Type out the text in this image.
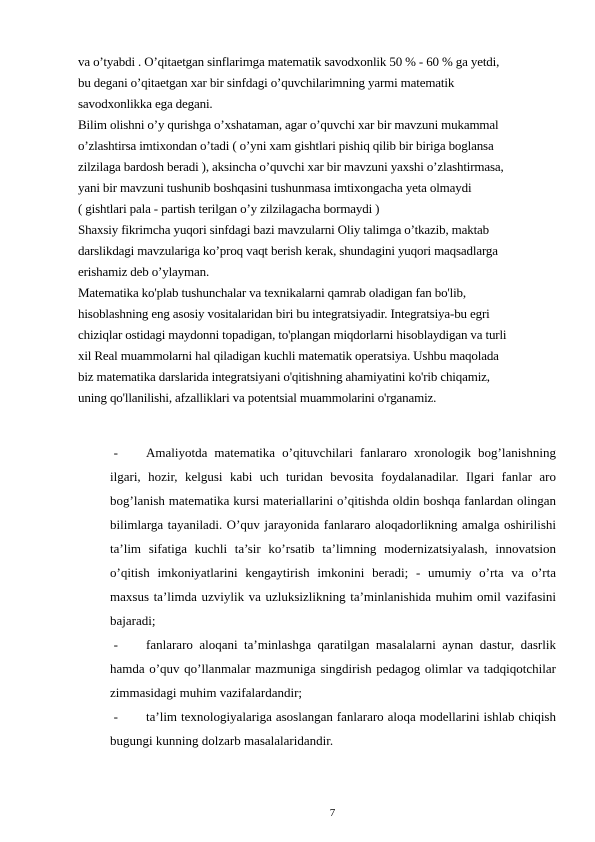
va o’tyabdi . O’qitaetgan sinflarimga matematik savodxonlik 50 % - 60 % ga yetdi,
bu degani o’qitaetgan xar bir sinfdagi o’quvchilarimning yarmi matematik
savodxonlikka ega degani.
Bilim olishni o’y qurishga o’xshataman, agar o’quvchi xar bir mavzuni mukammal
o’zlashtirsa imtixondan o’tadi ( o’yni xam gishtlari pishiq qilib bir biriga boglansa
zilzilaga bardosh beradi ), aksincha o’quvchi xar bir mavzuni yaxshi o’zlashtirmasa,
yani bir mavzuni tushunib boshqasini tushunmasa imtixongacha yeta olmaydi
( gishtlari pala - partish terilgan o’y zilzilagacha bormaydi )
Shaxsiy fikrimcha yuqori sinfdagi bazi mavzularni Oliy talimga o’tkazib, maktab
darslikdagi mavzulariga ko’proq vaqt berish kerak, shundagini yuqori maqsadlarga
erishamiz deb o’ylayman.
Matematika ko'plab tushunchalar va texnikalarni qamrab oladigan fan bo'lib,
hisoblashning eng asosiy vositalaridan biri bu integratsiyadir. Integratsiya-bu egri
chiziqlar ostidagi maydonni topadigan, to'plangan miqdorlarni hisoblaydigan va turli
xil Real muammolarni hal qiladigan kuchli matematik operatsiya. Ushbu maqolada
biz matematika darslarida integratsiyani o'qitishning ahamiyatini ko'rib chiqamiz,
uning qo'llanilishi, afzalliklari va potentsial muammolarini o'rganamiz.

-	Amaliyotda matematika o’qituvchilari fanlararo xronologik bog’lanishning ilgari, hozir, kelgusi kabi uch turidan bevosita foydalanadilar. Ilgari fanlar aro bog’lanish matematika kursi materiallarini o’qitishda oldin boshqa fanlardan olingan bilimlarga tayaniladi. O’quv jarayonida fanlararo aloqadorlikning amalga oshirilishi ta’lim sifatiga kuchli ta’sir ko’rsatib ta’limning modernizatsiyalash, innovatsion o’qitish imkoniyatlarini kengaytirish imkonini beradi; - umumiy o’rta va o’rta maxsus ta’limda uzviylik va uzluksizlikning ta’minlanishida muhim omil vazifasini bajaradi;

-	fanlararo aloqani ta’minlashga qaratilgan masalalarni aynan dastur, dasrlik hamda o’quv qo’llanmalar mazmuniga singdirish pedagog olimlar va tadqiqotchilar zimmasidagi muhim vazifalardandir;

-	ta’lim texnologiyalariga asoslangan fanlararo aloqa modellarini ishlab chiqish bugungi kunning dolzarb masalalaridandir.

7
